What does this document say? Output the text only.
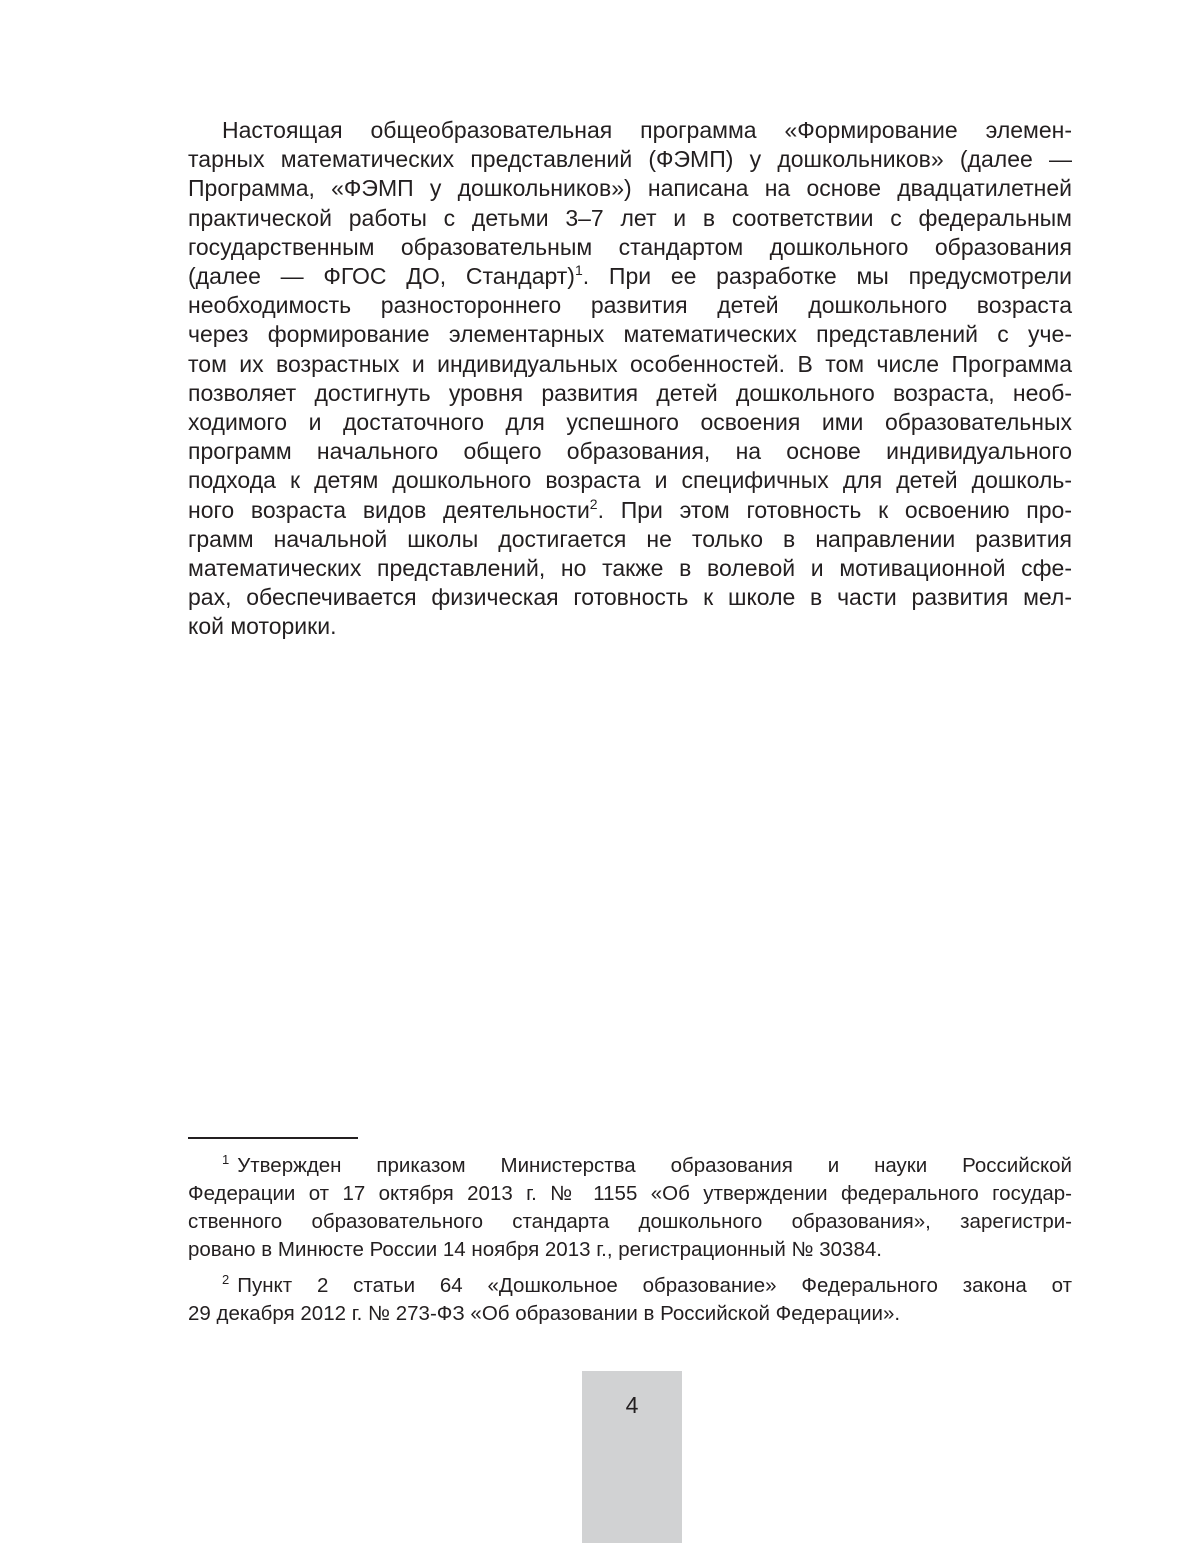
Настоящая общеобразовательная программа «Формирование элемен-
тарных математических представлений (ФЭМП) у дошкольников» (далее —
Программа, «ФЭМП у дошкольников») написана на основе двадцатилетней
практической работы с детьми 3–7 лет и в соответствии с федеральным
государственным образовательным стандартом дошкольного образования
(далее — ФГОС ДО, Стандарт)$^1$. При ее разработке мы предусмотрели
необходимость разностороннего развития детей дошкольного возраста
через формирование элементарных математических представлений с уче-
том их возрастных и индивидуальных особенностей. В том числе Программа
позволяет достигнуть уровня развития детей дошкольного возраста, необ-
ходимого и достаточного для успешного освоения ими образовательных
программ начального общего образования, на основе индивидуального
подхода к детям дошкольного возраста и специфичных для детей дошколь-
ного возраста видов деятельности$^2$. При этом готовность к освоению про-
грамм начальной школы достигается не только в направлении развития
математических представлений, но также в волевой и мотивационной сфе-
рах, обеспечивается физическая готовность к школе в части развития мел-
кой моторики.

$^1$ Утвержден приказом Министерства образования и науки Российской
Федерации от 17 октября 2013 г. № 1155 «Об утверждении федерального государ-
ственного образовательного стандарта дошкольного образования», зарегистри-
ровано в Минюсте России 14 ноября 2013 г., регистрационный № 30384.
$^2$ Пункт 2 статьи 64 «Дошкольное образование» Федерального закона от
29 декабря 2012 г. № 273-ФЗ «Об образовании в Российской Федерации».
4
